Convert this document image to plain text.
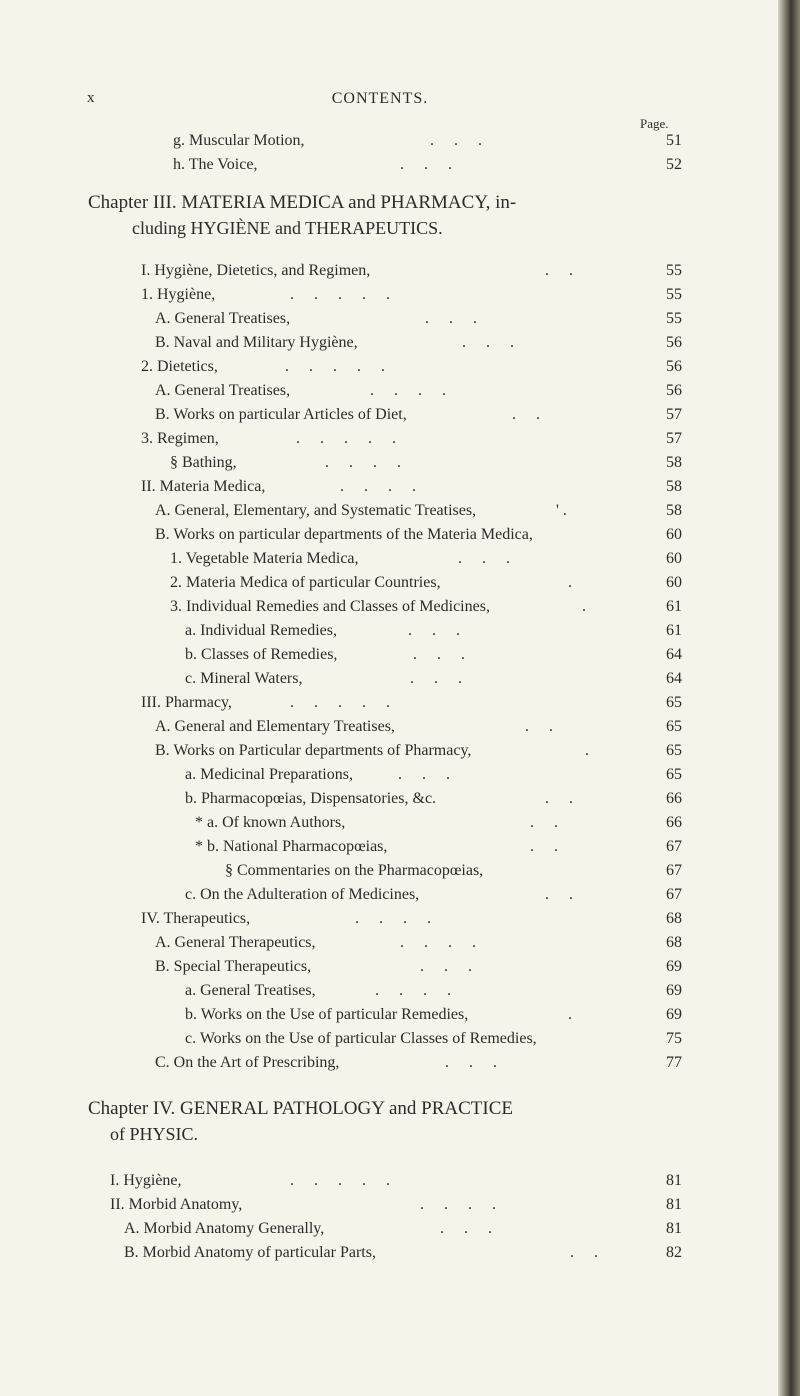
x	CONTENTS.
Page.
g. Muscular Motion,	.     .     .	51
h. The Voice,	.     .     .	52
Chapter III. MATERIA MEDICA and PHARMACY, in-
cluding HYGIÈNE and THERAPEUTICS.
I. Hygiène, Dietetics, and Regimen,	.     .	55
1. Hygiène,	.     .     .     .     .	55
A. General Treatises,	.     .     .	55
B. Naval and Military Hygiène,	.     .     .	56
2. Dietetics,	.     .     .     .     .	56
A. General Treatises,	.     .     .     .	56
B. Works on particular Articles of Diet,	.     .	57
3. Regimen,	.     .     .     .     .	57
§ Bathing,	.     .     .     .	58
II. Materia Medica,	.     .     .     .	58
A. General, Elementary, and Systematic Treatises,	' .	58
B. Works on particular departments of the Materia Medica,	60
1. Vegetable Materia Medica,	.     .     .	60
2. Materia Medica of particular Countries,	.	60
3. Individual Remedies and Classes of Medicines,	.	61
a. Individual Remedies,	.     .     .	61
b. Classes of Remedies,	.     .     .	64
c. Mineral Waters,	.     .     .	64
III. Pharmacy,	.     .     .     .     .	65
A. General and Elementary Treatises,	.     .	65
B. Works on Particular departments of Pharmacy,	.	65
a. Medicinal Preparations,	.     .     .	65
b. Pharmacopœias, Dispensatories, &c.	.     .	66
* a. Of known Authors,	.     .	66
* b. National Pharmacopœias,	.     .	67
§ Commentaries on the Pharmacopœias,	67
c. On the Adulteration of Medicines,	.     .	67
IV. Therapeutics,	.     .     .     .	68
A. General Therapeutics,	.     .     .     .	68
B. Special Therapeutics,	.     .     .	69
a. General Treatises,	.     .     .     .	69
b. Works on the Use of particular Remedies,	.	69
c. Works on the Use of particular Classes of Remedies,	75
C. On the Art of Prescribing,	.     .     .	77
Chapter IV. GENERAL PATHOLOGY and PRACTICE
of PHYSIC.
I. Hygiène,	.     .     .     .     .	81
II. Morbid Anatomy,	.     .     .     .	81
A. Morbid Anatomy Generally,	.     .     .	81
B. Morbid Anatomy of particular Parts,	.     .	82
